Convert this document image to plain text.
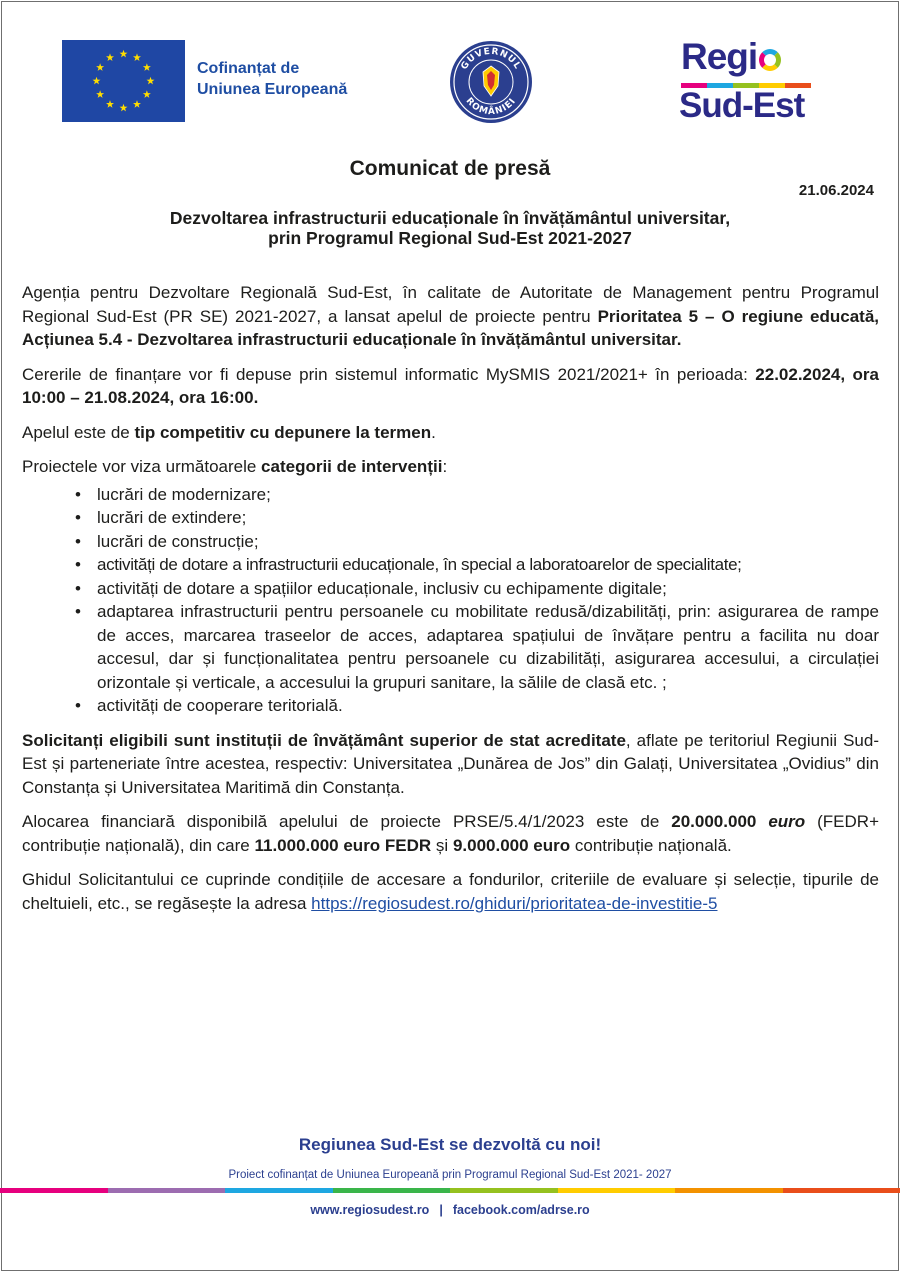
Cofinanțat de
Uniunea Europeană
GUVERNUL
ROMÂNIEI
Regi
Sud-Est
Comunicat de presă
21.06.2024
Dezvoltarea infrastructurii educaționale în învățământul universitar,
prin Programul Regional Sud-Est 2021-2027

Agenția pentru Dezvoltare Regională Sud-Est, în calitate de Autoritate de Management pentru Programul Regional Sud-Est (PR SE) 2021-2027, a lansat apelul de proiecte pentru Prioritatea 5 – O regiune educată, Acțiunea 5.4 - Dezvoltarea infrastructurii educaționale în învățământul universitar.

Cererile de finanțare vor fi depuse prin sistemul informatic MySMIS 2021/2021+ în perioada: 22.02.2024, ora 10:00 – 21.08.2024, ora 16:00.

Apelul este de tip competitiv cu depunere la termen.

Proiectele vor viza următoarele categorii de intervenții:

• lucrări de modernizare;
• lucrări de extindere;
• lucrări de construcție;
• activități de dotare a infrastructurii educaționale, în special a laboratoarelor de specialitate;
• activități de dotare a spațiilor educaționale, inclusiv cu echipamente digitale;
• adaptarea infrastructurii pentru persoanele cu mobilitate redusă/dizabilități, prin: asigurarea de rampe de acces, marcarea traseelor de acces, adaptarea spațiului de învățare pentru a facilita nu doar accesul, dar și funcționalitatea pentru persoanele cu dizabilități, asigurarea accesului, a circulației orizontale și verticale, a accesului la grupuri sanitare, la sălile de clasă etc. ;
• activități de cooperare teritorială.

Solicitanți eligibili sunt instituții de învățământ superior de stat acreditate, aflate pe teritoriul Regiunii Sud-Est și parteneriate între acestea, respectiv: Universitatea „Dunărea de Jos” din Galați, Universitatea „Ovidius” din Constanța și Universitatea Maritimă din Constanța.

Alocarea financiară disponibilă apelului de proiecte PRSE/5.4/1/2023 este de 20.000.000 euro (FEDR+ contribuție națională), din care 11.000.000 euro FEDR și 9.000.000 euro contribuție națională.

Ghidul Solicitantului ce cuprinde condițiile de accesare a fondurilor, criteriile de evaluare și selecție, tipurile de cheltuieli, etc., se regăsește la adresa https://regiosudest.ro/ghiduri/prioritatea-de-investitie-5

Regiunea Sud-Est se dezvoltă cu noi!
Proiect cofinanțat de Uniunea Europeană prin Programul Regional Sud-Est 2021- 2027
www.regiosudest.ro | facebook.com/adrse.ro
